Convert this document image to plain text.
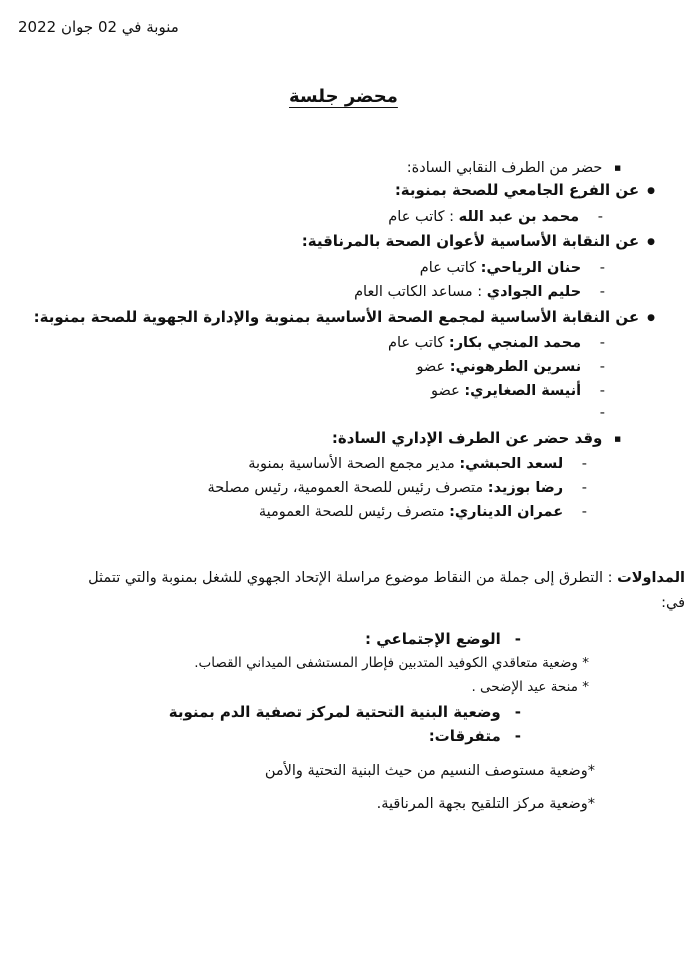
منوبة في 02 جوان 2022
محضر جلسة
■ حضر من الطرف النقابي السادة:
● عن الفرع الجامعي للصحة بمنوبة:
- محمد بن عبد الله : كاتب عام
● عن النقابة الأساسية لأعوان الصحة بالمرناقية:
- حنان الرياحي: كاتب عام
- حليم الجوادي : مساعد الكاتب العام
● عن النقابة الأساسية لمجمع الصحة الأساسية بمنوبة والإدارة الجهوية للصحة بمنوبة:
- محمد المنجي بكار: كاتب عام
- نسرين الطرهوني: عضو
- أنيسة الصغايري: عضو
-
■ وقد حضر عن الطرف الإداري السادة:
- لسعد الحبشي: مدير مجمع الصحة الأساسية بمنوبة
- رضا بوزيد: متصرف رئيس للصحة العمومية، رئيس مصلحة
- عمران الديناري: متصرف رئيس للصحة العمومية
المداولات : التطرق إلى جملة من النقاط موضوع مراسلة الإتحاد الجهوي للشغل بمنوبة والتي تتمثل
في:
- الوضع الإجتماعي :
* وضعية متعاقدي الكوفيد المتدبين فإطار المستشفى الميداني القصاب.
* منحة عيد الإضحى .
- وضعية البنية التحتية لمركز تصفية الدم بمنوبة
- متفرقات:
*وضعية مستوصف النسيم من حيث البنية التحتية والأمن
*وضعية مركز التلقيح بجهة المرناقية.
